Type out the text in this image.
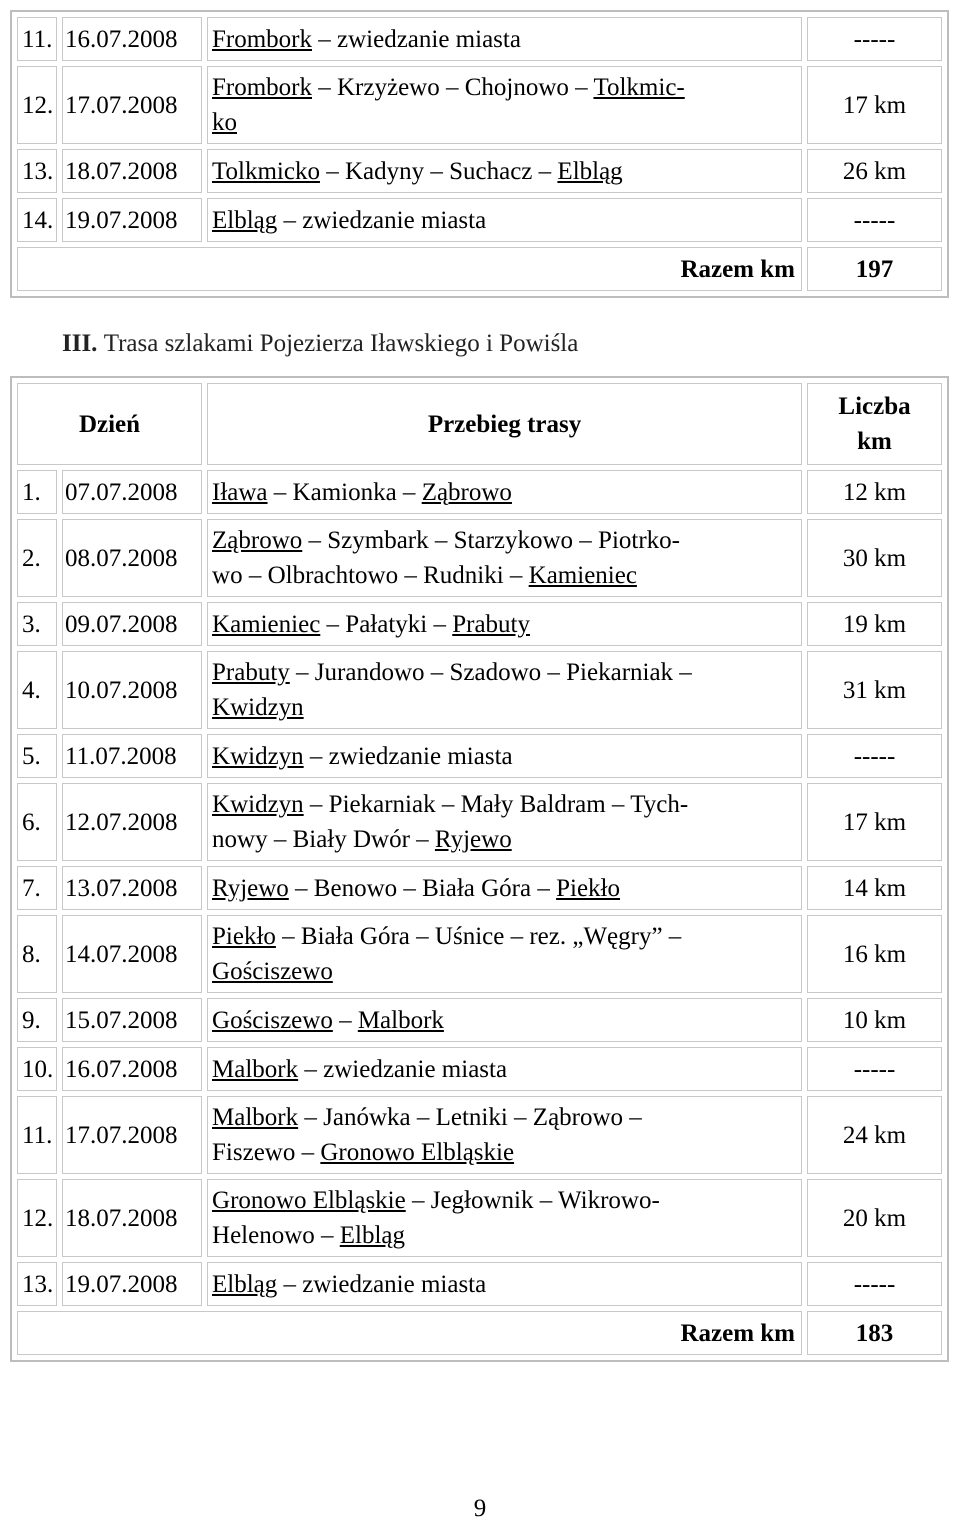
11.	16.07.2008	Frombork – zwiedzanie miasta	-----
12.	17.07.2008	Frombork – Krzyżewo – Chojnowo – Tolkmic-
ko	17 km
13.	18.07.2008	Tolkmicko – Kadyny – Suchacz – Elbląg	26 km
14.	19.07.2008	Elbląg – zwiedzanie miasta	-----
Razem km			197
III. Trasa szlakami Pojezierza Iławskiego i Powiśla
Dzień		Przebieg trasy	Liczba
km
1.	07.07.2008	Iława – Kamionka – Ząbrowo	12 km
2.	08.07.2008	Ząbrowo – Szymbark – Starzykowo – Piotrko-
wo – Olbrachtowo – Rudniki – Kamieniec	30 km
3.	09.07.2008	Kamieniec – Pałatyki – Prabuty	19 km
4.	10.07.2008	Prabuty – Jurandowo – Szadowo – Piekarniak –
Kwidzyn	31 km
5.	11.07.2008	Kwidzyn – zwiedzanie miasta	-----
6.	12.07.2008	Kwidzyn – Piekarniak – Mały Baldram – Tych-
nowy – Biały Dwór – Ryjewo	17 km
7.	13.07.2008	Ryjewo – Benowo – Biała Góra – Piekło	14 km
8.	14.07.2008	Piekło – Biała Góra – Uśnice – rez. „Węgry” –
Gościszewo	16 km
9.	15.07.2008	Gościszewo – Malbork	10 km
10.	16.07.2008	Malbork – zwiedzanie miasta	-----
11.	17.07.2008	Malbork – Janówka – Letniki – Ząbrowo –
Fiszewo – Gronowo Elbląskie	24 km
12.	18.07.2008	Gronowo Elbląskie – Jegłownik – Wikrowo-
Helenowo – Elbląg	20 km
13.	19.07.2008	Elbląg – zwiedzanie miasta	-----
Razem km			183
9
